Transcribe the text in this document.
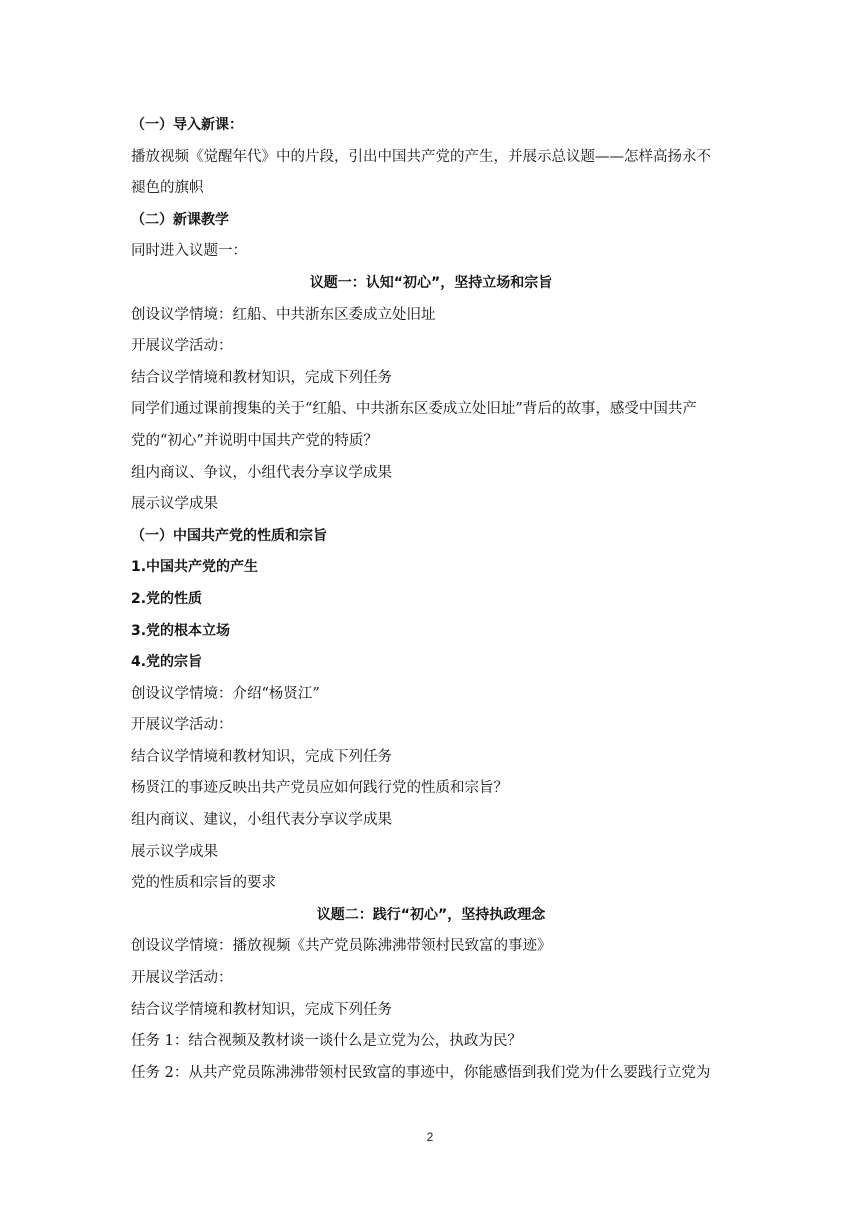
（一）导入新课：
播放视频《觉醒年代》中的片段，引出中国共产党的产生，并展示总议题——怎样高扬永不
褪色的旗帜
（二）新课教学
同时进入议题一：
议题一：认知“初心”，坚持立场和宗旨
创设议学情境：红船、中共浙东区委成立处旧址
开展议学活动：
结合议学情境和教材知识，完成下列任务
同学们通过课前搜集的关于“红船、中共浙东区委成立处旧址”背后的故事，感受中国共产
党的“初心”并说明中国共产党的特质？
组内商议、争议，小组代表分享议学成果
展示议学成果
（一）中国共产党的性质和宗旨
1.中国共产党的产生
2.党的性质
3.党的根本立场
4.党的宗旨
创设议学情境：介绍“杨贤江”
开展议学活动：
结合议学情境和教材知识，完成下列任务
杨贤江的事迹反映出共产党员应如何践行党的性质和宗旨？
组内商议、建议，小组代表分享议学成果
展示议学成果
党的性质和宗旨的要求
议题二：践行“初心”，坚持执政理念
创设议学情境：播放视频《共产党员陈沸沸带领村民致富的事迹》
开展议学活动：
结合议学情境和教材知识，完成下列任务
任务 1：结合视频及教材谈一谈什么是立党为公，执政为民？
任务 2：从共产党员陈沸沸带领村民致富的事迹中，你能感悟到我们党为什么要践行立党为
2
